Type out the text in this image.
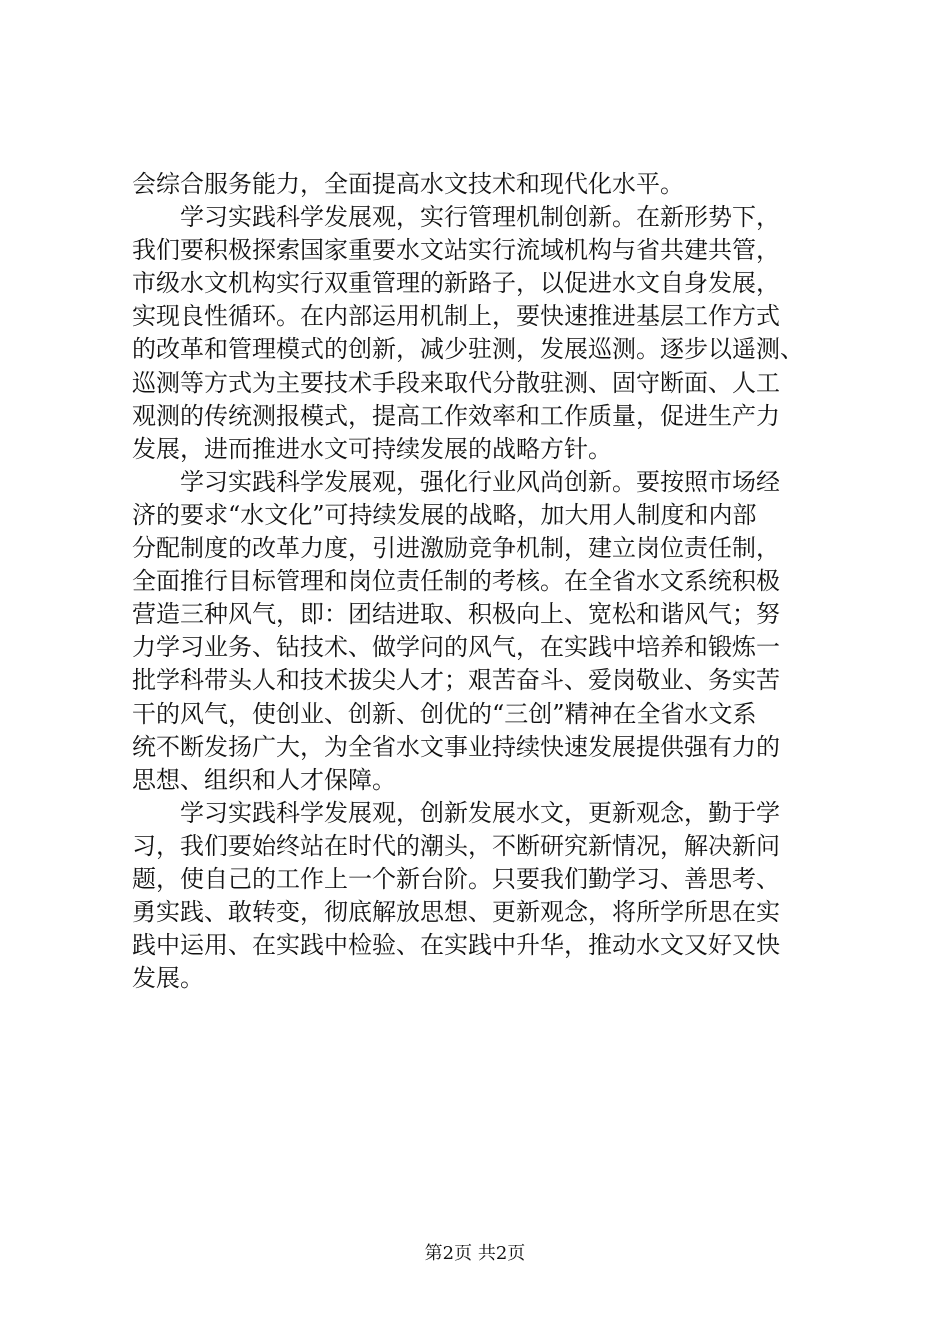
会综合服务能力，全面提高水文技术和现代化水平。

学习实践科学发展观，实行管理机制创新。在新形势下，
我们要积极探索国家重要水文站实行流域机构与省共建共管，
市级水文机构实行双重管理的新路子，以促进水文自身发展，
实现良性循环。在内部运用机制上，要快速推进基层工作方式
的改革和管理模式的创新，减少驻测，发展巡测。逐步以遥测、
巡测等方式为主要技术手段来取代分散驻测、固守断面、人工
观测的传统测报模式，提高工作效率和工作质量，促进生产力
发展，进而推进水文可持续发展的战略方针。

学习实践科学发展观，强化行业风尚创新。要按照市场经
济的要求“水文化”可持续发展的战略，加大用人制度和内部
分配制度的改革力度，引进激励竞争机制，建立岗位责任制，
全面推行目标管理和岗位责任制的考核。在全省水文系统积极
营造三种风气，即：团结进取、积极向上、宽松和谐风气；努
力学习业务、钻技术、做学问的风气，在实践中培养和锻炼一
批学科带头人和技术拔尖人才；艰苦奋斗、爱岗敬业、务实苦
干的风气，使创业、创新、创优的“三创”精神在全省水文系
统不断发扬广大，为全省水文事业持续快速发展提供强有力的
思想、组织和人才保障。

学习实践科学发展观，创新发展水文，更新观念，勤于学
习，我们要始终站在时代的潮头，不断研究新情况，解决新问
题，使自己的工作上一个新台阶。只要我们勤学习、善思考、
勇实践、敢转变，彻底解放思想、更新观念，将所学所思在实
践中运用、在实践中检验、在实践中升华，推动水文又好又快
发展。

第2页 共2页
